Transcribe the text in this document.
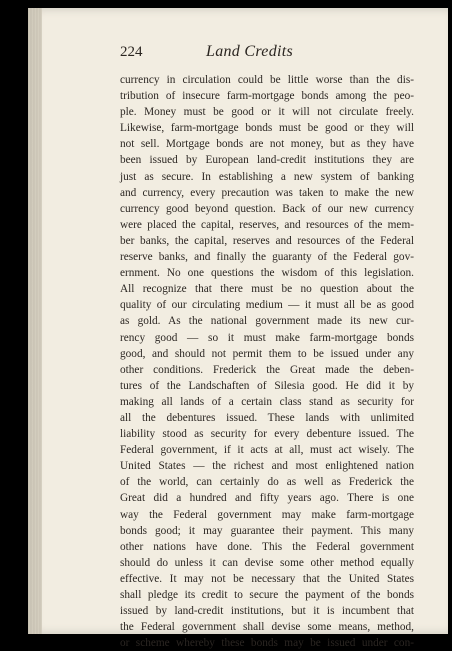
224	Land Credits
currency in circulation could be little worse than the dis-
tribution of insecure farm-mortgage bonds among the peo-
ple. Money must be good or it will not circulate freely.
Likewise, farm-mortgage bonds must be good or they will
not sell. Mortgage bonds are not money, but as they have
been issued by European land-credit institutions they are
just as secure. In establishing a new system of banking
and currency, every precaution was taken to make the new
currency good beyond question. Back of our new currency
were placed the capital, reserves, and resources of the mem-
ber banks, the capital, reserves and resources of the Federal
reserve banks, and finally the guaranty of the Federal gov-
ernment. No one questions the wisdom of this legislation.
All recognize that there must be no question about the
quality of our circulating medium — it must all be as good
as gold. As the national government made its new cur-
rency good — so it must make farm-mortgage bonds
good, and should not permit them to be issued under any
other conditions. Frederick the Great made the deben-
tures of the Landschaften of Silesia good. He did it by
making all lands of a certain class stand as security for
all the debentures issued. These lands with unlimited
liability stood as security for every debenture issued. The
Federal government, if it acts at all, must act wisely. The
United States — the richest and most enlightened nation
of the world, can certainly do as well as Frederick the
Great did a hundred and fifty years ago. There is one
way the Federal government may make farm-mortgage
bonds good; it may guarantee their payment. This many
other nations have done. This the Federal government
should do unless it can devise some other method equally
effective. It may not be necessary that the United States
shall pledge its credit to secure the payment of the bonds
issued by land-credit institutions, but it is incumbent that
the Federal government shall devise some means, method,
or scheme whereby these bonds may be issued under con-
